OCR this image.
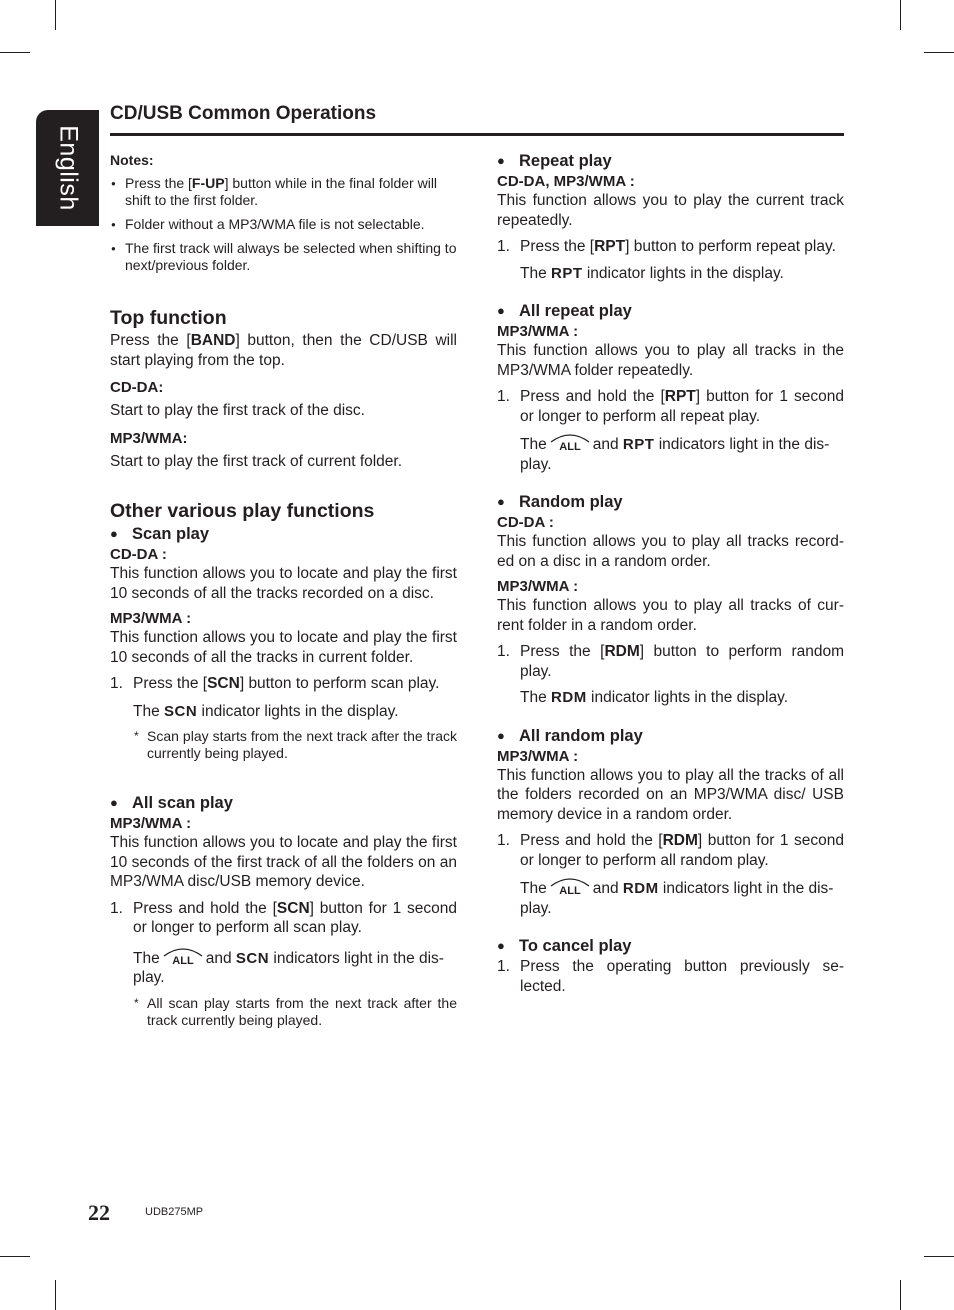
English
CD/USB Common Operations

Notes:

● Press the [F-UP] button while in the final folder will shift to the first folder.

● Folder without a MP3/WMA file is not selectable.

● The first track will always be selected when shifting to next/previous folder.

Top function

Press the [BAND] button, then the CD/USB will start playing from the top.

CD-DA:

Start to play the first track of the disc.

MP3/WMA:

Start to play the first track of current folder.

Other various play functions

● Scan play

CD-DA :

This function allows you to locate and play the first 10 seconds of all the tracks recorded on a disc.

MP3/WMA :

This function allows you to locate and play the first 10 seconds of all the tracks in current folder.

1. Press the [SCN] button to perform scan play.

The SCN indicator lights in the display.

* Scan play starts from the next track after the track currently being played.

● All scan play

MP3/WMA :

This function allows you to locate and play the first 10 seconds of the first track of all the folders on an MP3/WMA disc/USB memory device.

1. Press and hold the [SCN] button for 1 second or longer to perform all scan play.

The ALL and SCN indicators light in the dis-play.

* All scan play starts from the next track after the track currently being played.

● Repeat play

CD-DA, MP3/WMA :

This function allows you to play the current track repeatedly.

1. Press the [RPT] button to perform repeat play.

The RPT indicator lights in the display.

● All repeat play

MP3/WMA :

This function allows you to play all tracks in the MP3/WMA folder repeatedly.

1. Press and hold the [RPT] button for 1 second or longer to perform all repeat play.

The ALL and RPT indicators light in the dis-play.

● Random play

CD-DA :

This function allows you to play all tracks record-ed on a disc in a random order.

MP3/WMA :

This function allows you to play all tracks of cur-rent folder in a random order.

1. Press the [RDM] button to perform random play.

The RDM indicator lights in the display.

● All random play

MP3/WMA :

This function allows you to play all the tracks of all the folders recorded on an MP3/WMA disc/ USB memory device in a random order.

1. Press and hold the [RDM] button for 1 second or longer to perform all random play.

The ALL and RDM indicators light in the dis-play.

● To cancel play

1. Press the operating button previously se-lected.

22	UDB275MP
